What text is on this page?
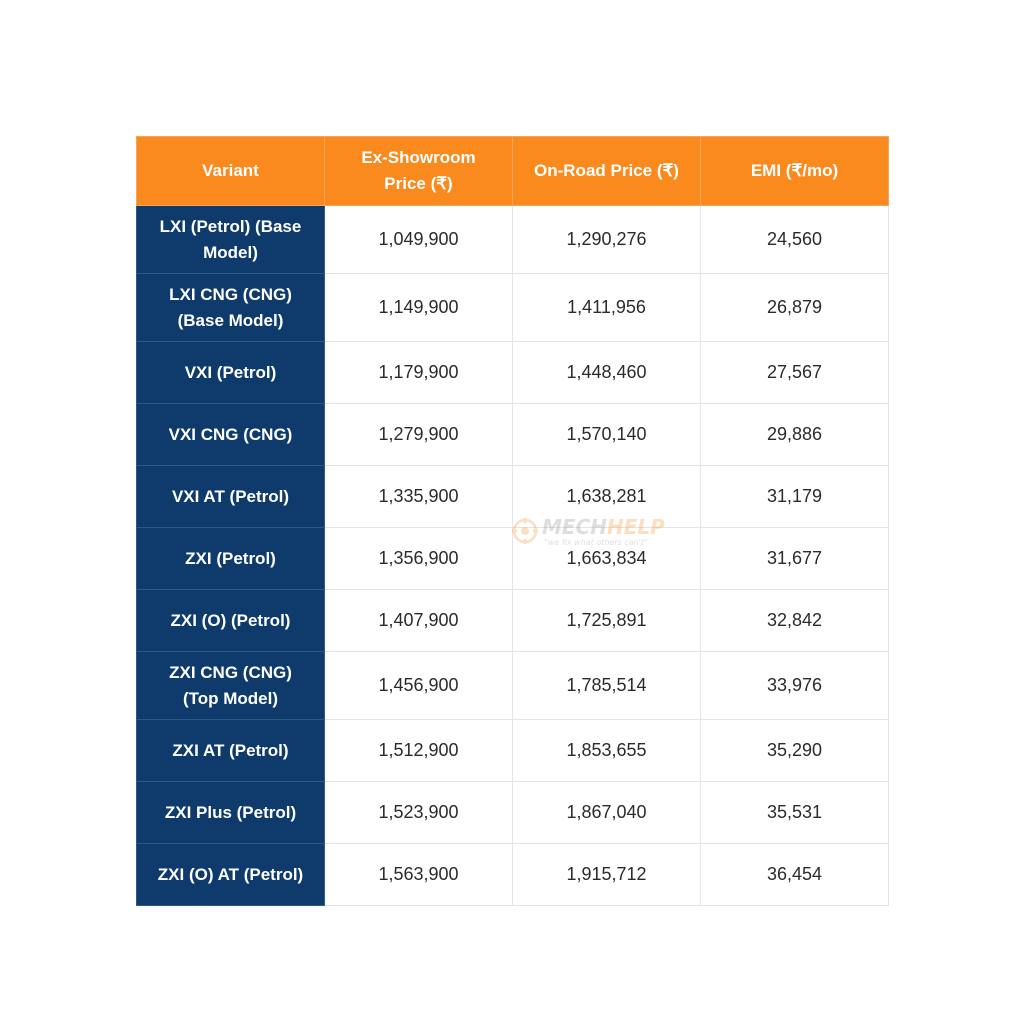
Variant	Ex-Showroom
Price (₹)	On-Road Price (₹)	EMI (₹/mo)
LXI (Petrol) (Base
Model)	1,049,900	1,290,276	24,560
LXI CNG (CNG)
(Base Model)	1,149,900	1,411,956	26,879
VXI (Petrol)	1,179,900	1,448,460	27,567
VXI CNG (CNG)	1,279,900	1,570,140	29,886
VXI AT (Petrol)	1,335,900	1,638,281	31,179
ZXI (Petrol)	1,356,900	1,663,834	31,677
ZXI (O) (Petrol)	1,407,900	1,725,891	32,842
ZXI CNG (CNG)
(Top Model)	1,456,900	1,785,514	33,976
ZXI AT (Petrol)	1,512,900	1,853,655	35,290
ZXI Plus (Petrol)	1,523,900	1,867,040	35,531
ZXI (O) AT (Petrol)	1,563,900	1,915,712	36,454
MECHHELP
"we fix what others can't"
